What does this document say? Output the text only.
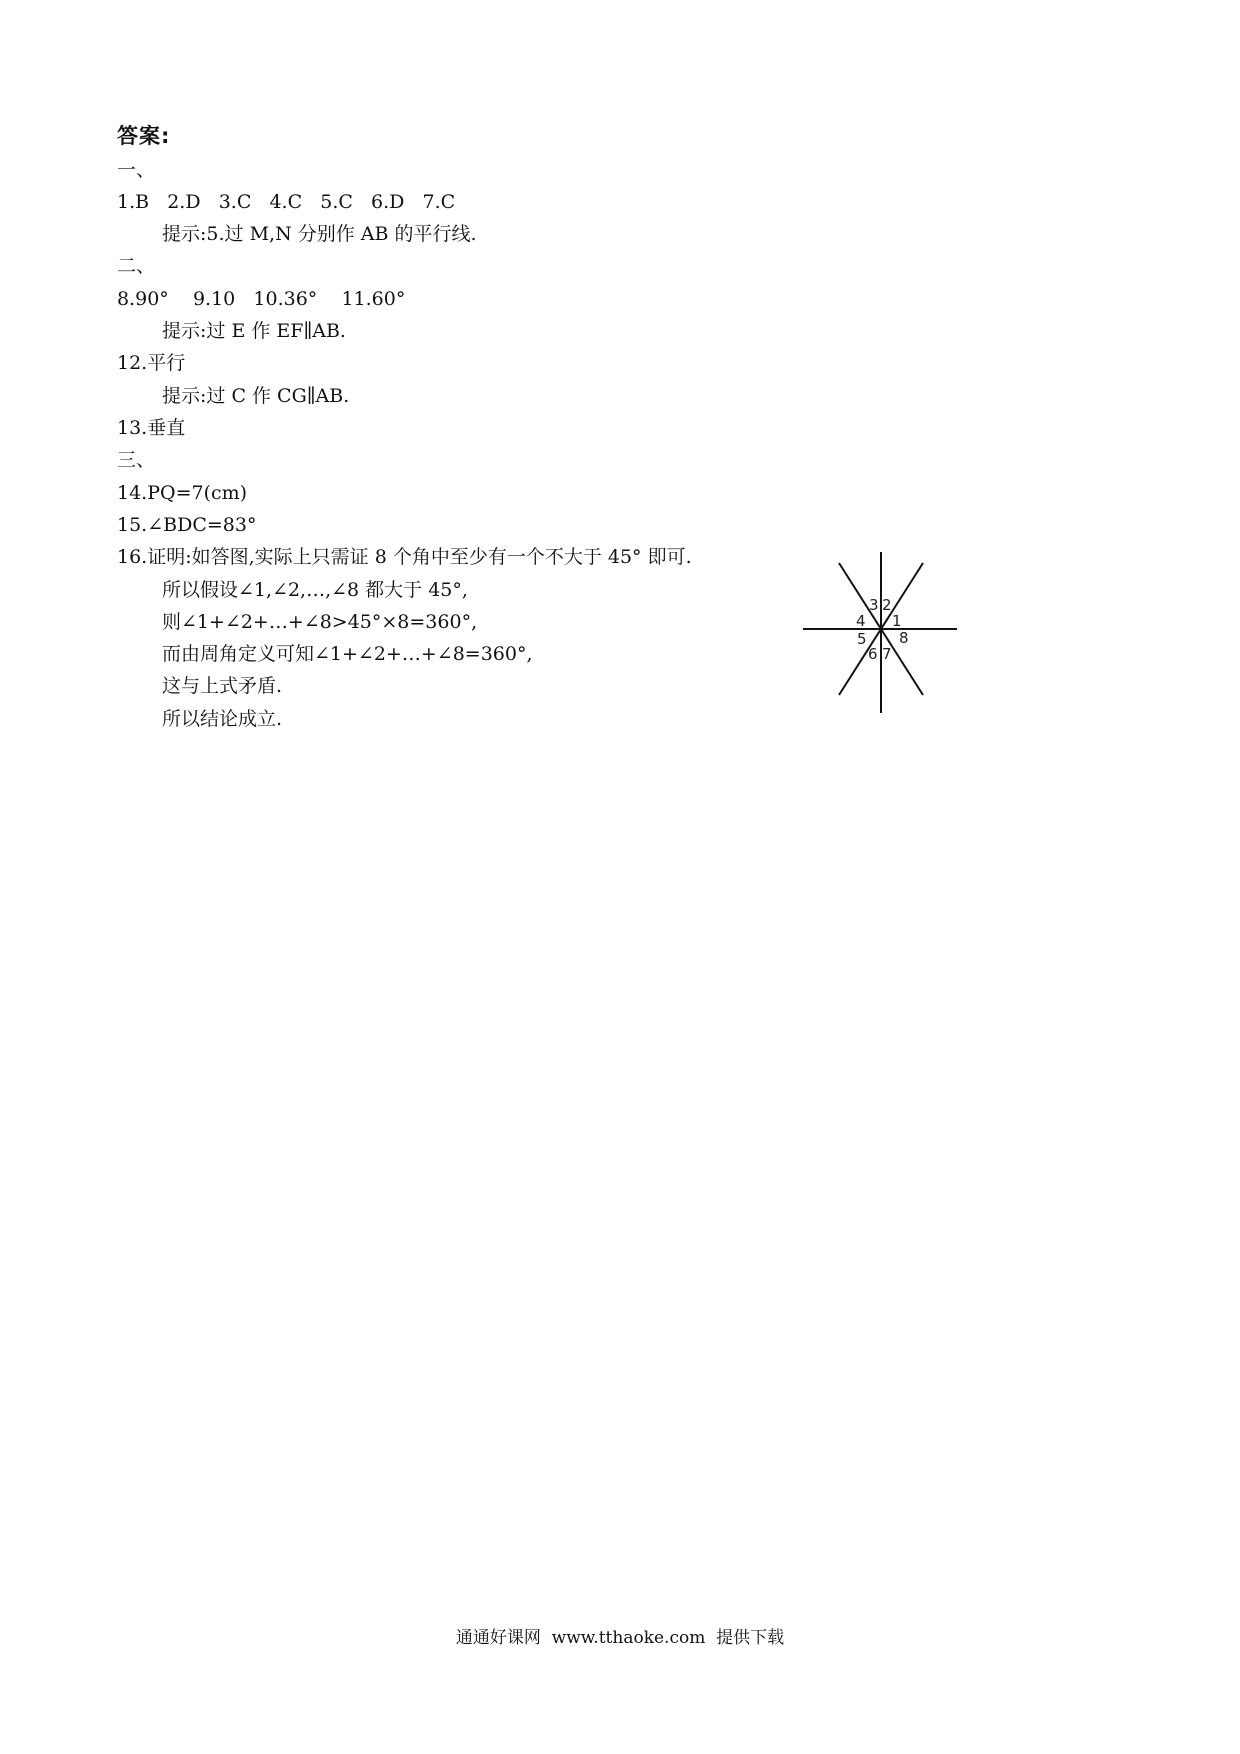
答案:
一、
1.B   2.D   3.C   4.C   5.C   6.D   7.C
提示:5.过 M,N 分别作 AB 的平行线.
二、
8.90°    9.10   10.36°    11.60°
提示:过 E 作 EF∥AB.
12.平行
提示:过 C 作 CG∥AB.
13.垂直
三、
14.PQ=7(cm)
15.∠BDC=83°
16.证明:如答图,实际上只需证 8 个角中至少有一个不大于 45° 即可.
所以假设∠1,∠2,…,∠8 都大于 45°,
则∠1+∠2+…+∠8>45°×8=360°,
而由周角定义可知∠1+∠2+…+∠8=360°,
这与上式矛盾.
所以结论成立.
1
2
3
4
5
6 7
8
通通好课网  www.tthaoke.com  提供下载
